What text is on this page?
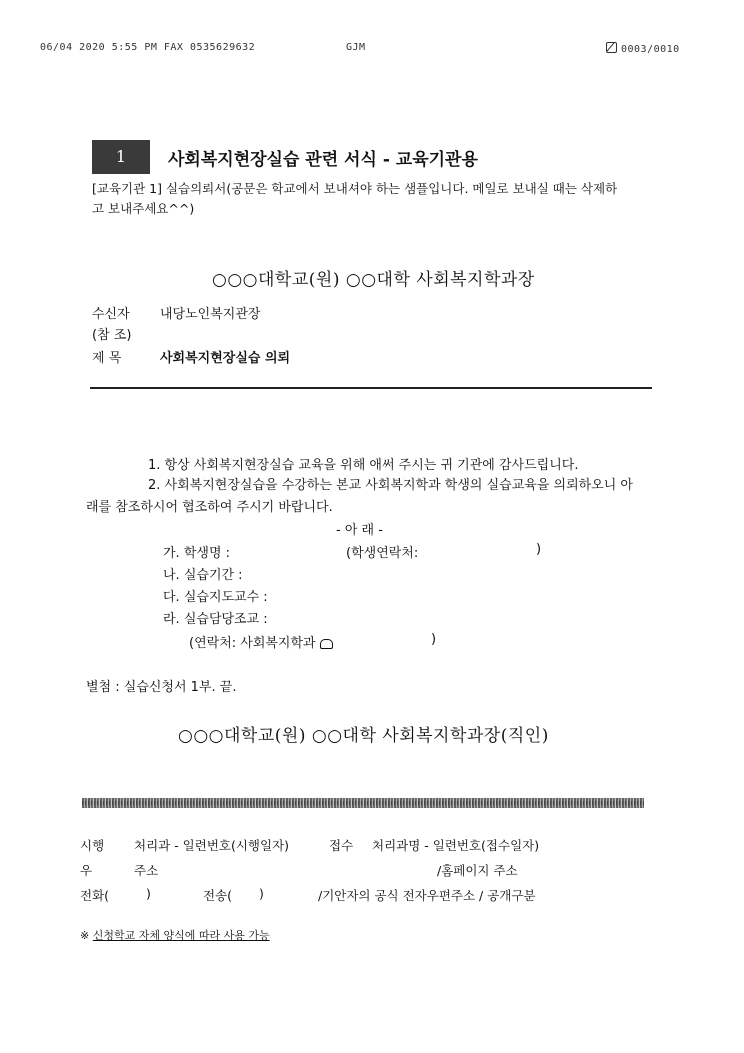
06/04 2020 5:55 PM FAX 0535629632	GJM	0003/0010
1	사회복지현장실습 관련 서식 - 교육기관용
[교육기관 1] 실습의뢰서(공문은 학교에서 보내셔야 하는 샘플입니다. 메일로 보내실 때는 삭제하
고 보내주세요^^)
○○○대학교(원) ○○대학 사회복지학과장
수신자 내당노인복지관장
(참 조)
제 목	사회복지현장실습 의뢰
1. 항상 사회복지현장실습 교육을 위해 애써 주시는 귀 기관에 감사드립니다.
2. 사회복지현장실습을 수강하는 본교 사회복지학과 학생의 실습교육을 의뢰하오니 아
래를 참조하시어 협조하여 주시기 바랍니다.
- 아 래 -
가. 학생명 :	(학생연락처:	)
나. 실습기간 :
다. 실습지도교수 :
라. 실습담당조교 :
(연락처: 사회복지학과	)
별첨 : 실습신청서 1부. 끝.
○○○대학교(원) ○○대학 사회복지학과장(직인)
시행 처리과 - 일련번호(시행일자)	접수 처리과명 - 일련번호(접수일자)
우	주소	/홈페이지 주소
전화(	)	전송( )	/기안자의 공식 전자우편주소 / 공개구분
※ 신청학교 자체 양식에 따라 사용 가능
